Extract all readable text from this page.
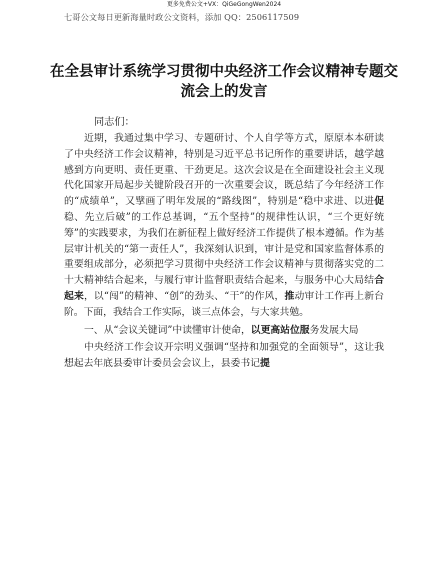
更多免费公文+VX：QiGeGongWen2024
七哥公文每日更新海量时政公文资料，添加 QQ：2506117509
在全县审计系统学习贯彻中央经济工作会议精神专题交流会上的发言
同志们：

近期，我通过集中学习、专题研讨、个人自学等方式，原原本本研读了中央经济工作会议精神，特别是习近平总书记所作的重要讲话，越学越感到方向更明、责任更重、干劲更足。这次会议是在全面建设社会主义现代化国家开局起步关键阶段召开的一次重要会议，既总结了今年经济工作的“成绩单”，又擘画了明年发展的“路线图”，特别是“稳中求进、以进促稳、先立后破”的工作总基调，“五个坚持”的规律性认识，“三个更好统筹”的实践要求，为我们在新征程上做好经济工作提供了根本遵循。作为基层审计机关的“第一责任人”，我深刻认识到，审计是党和国家监督体系的重要组成部分，必须把学习贯彻中央经济工作会议精神与贯彻落实党的二十大精神结合起来，与履行审计监督职责结合起来，与服务中心大局结合起来，以“闯”的精神、“创”的劲头、“干”的作风，推动审计工作再上新台阶。下面，我结合工作实际，谈三点体会，与大家共勉。

一、从“会议关键词”中读懂审计使命，以更高站位服务发展大局

中央经济工作会议开宗明义强调“坚持和加强党的全面领导”，这让我想起去年底县委审计委员会会议上，县委书记提
